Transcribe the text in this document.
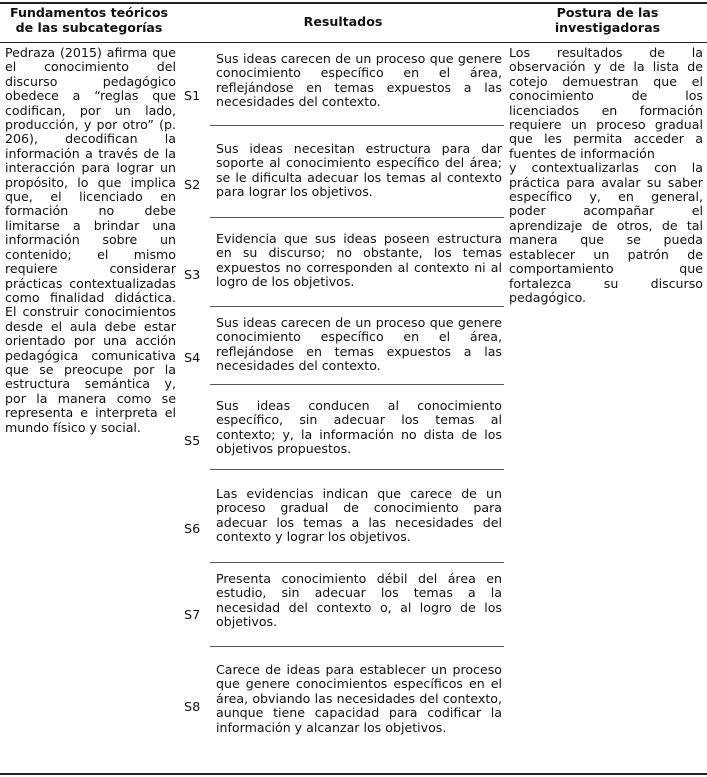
Fundamentos teóricos de las subcategorías	Resultados
Postura de las investigadoras

Pedraza (2015) afirma que el conocimiento del discurso pedagógico obedece a “reglas que codifican, por un lado, producción, y por otro” (p. 206), decodifican la información a través de la interacción para lograr un propósito, lo que implica que, el licenciado en formación no debe limitarse a brindar una información sobre un contenido; el mismo requiere considerar prácticas contextualizadas como finalidad didáctica. El construir conocimientos desde el aula debe estar orientado por una acción pedagógica comunicativa que se preocupe por la estructura semántica y, por la manera como se representa e interpreta el mundo físico y social.

Los resultados de la observación y de la lista de cotejo demuestran que el conocimiento de los licenciados en formación requiere un proceso gradual que les permita acceder a fuentes de información

y contextualizarlas con la práctica para avalar su saber específico y, en general, poder acompañar el aprendizaje de otros, de tal manera que se pueda establecer un patrón de comportamiento que fortalezca su discurso pedagógico.

S1
Sus ideas carecen de un proceso que genere conocimiento específico en el área, reflejándose en temas expuestos a las necesidades del contexto.
S2
Sus ideas necesitan estructura para dar soporte al conocimiento específico del área; se le dificulta adecuar los temas al contexto para lograr los objetivos.
S3
Evidencia que sus ideas poseen estructura en su discurso; no obstante, los temas expuestos no corresponden al contexto ni al logro de los objetivos.
S4
Sus ideas carecen de un proceso que genere conocimiento específico en el área, reflejándose en temas expuestos a las necesidades del contexto.
S5
Sus ideas conducen al conocimiento específico, sin adecuar los temas al contexto; y, la información no dista de los objetivos propuestos.
S6
Las evidencias indican que carece de un proceso gradual de conocimiento para adecuar los temas a las necesidades del contexto y lograr los objetivos.
S7
Presenta conocimiento débil del área en estudio, sin adecuar los temas a la necesidad del contexto o, al logro de los objetivos.
S8
Carece de ideas para establecer un proceso que genere conocimientos específicos en el área, obviando las necesidades del contexto, aunque tiene capacidad para codificar la información y alcanzar los objetivos.
